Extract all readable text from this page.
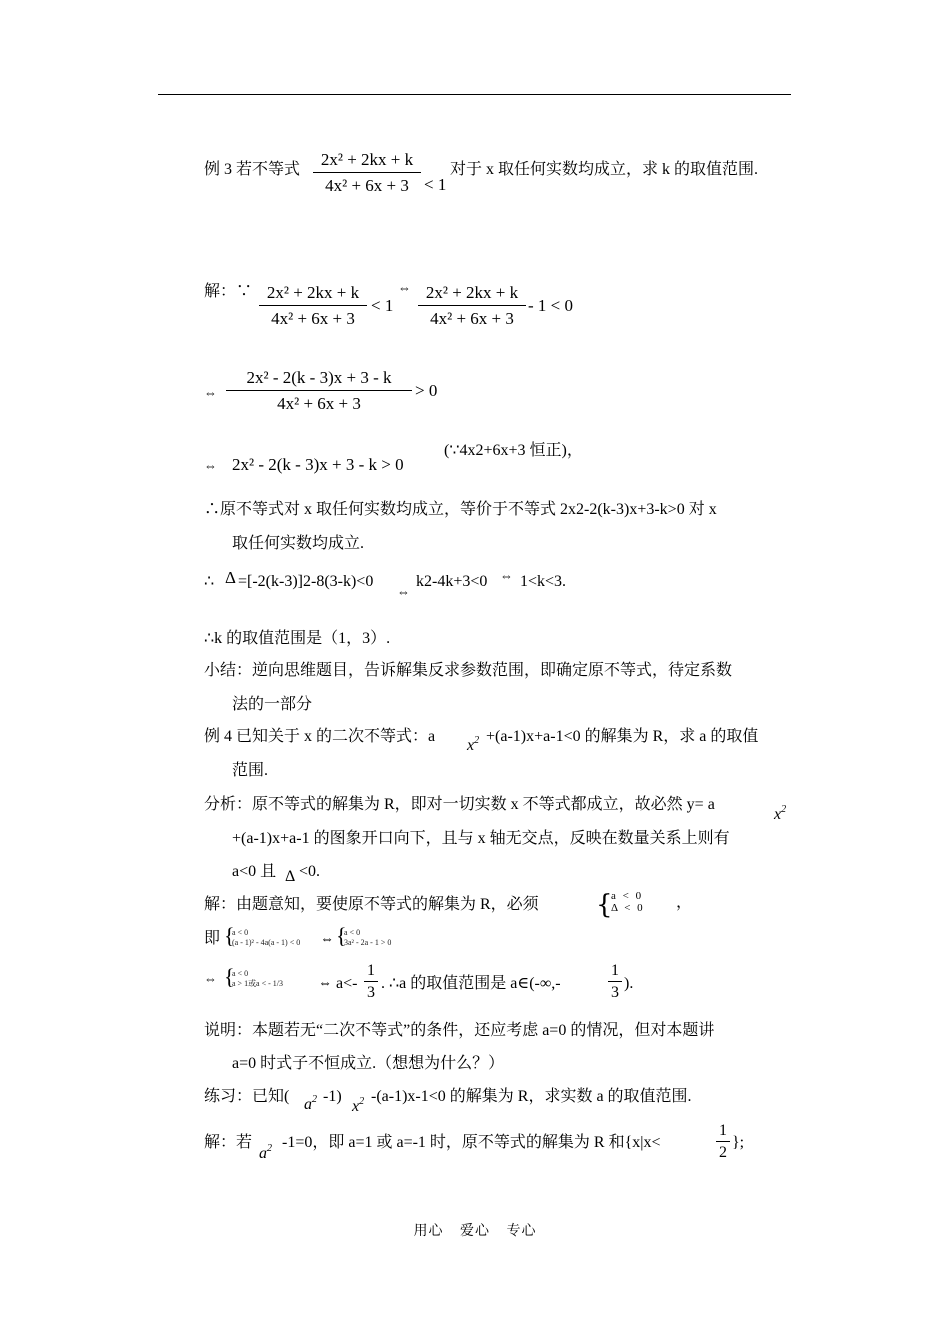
例 3 若不等式 $\frac{\text{2x² + 2kx + k}}{\text{4x² + 6x + 3}} < 1$
对于 x 取任何实数均成立，求 k 的取值范围.
解：∵ $\frac{\text{2x² + 2kx + k}}{\text{4x² + 6x + 3}} < 1$
⇔ $\frac{\text{2x² + 2kx + k}}{\text{4x² + 6x + 3}} - 1 < 0$
⇔ $\frac{\text{2x² - 2(k - 3)x + 3 - k}}{\text{4x² + 6x + 3}} > 0$
⇔ 2x² - 2(k - 3)x + 3 - k > 0
(∵4x2+6x+3 恒正)，
∴原不等式对 x 取任何实数均成立，等价于不等式 2x2-2(k-3)x+3-k>0 对 x
取任何实数均成立.
∴ Δ =[-2(k-3)]2-8(3-k)<0
⇔
k2-4k+3<0 ⇔ 1<k<3.
∴k 的取值范围是（1，3）.
小结：逆向思维题目，告诉解集反求参数范围，即确定原不等式，待定系数
法的一部分
例 4 已知关于 x 的二次不等式：a
$x^2 +(a-1)x+a-1<0$ 的解集为 R，求 a 的取值
范围.
分析：原不等式的解集为 R，即对一切实数 x 不等式都成立，故必然 y= a
$x^2$
+(a-1)x+a-1 的图象开口向下，且与 x 轴无交点，反映在数量关系上则有
a<0 且 Δ <0.
解：由题意知，要使原不等式的解集为 R，必须 {
a < 0
Δ < 0 ，
即 {
a < 0
(a - 1)² - 4a(a - 1) < 0 ⇔ {
a < 0
3a² - 2a - 1 > 0
⇔ {
a < 0
a > 1或a < - 1/3 ⇔ $a<- \frac{1}{3}$ . ∴a 的取值范围是 a∈(-∞,-	$\frac{1}{3}$ ).
说明：本题若无“二次不等式”的条件，还应考虑 a=0 的情况，但对本题讲
a=0 时式子不恒成立.（想想为什么？）
练习：已知( $a^2$ -1)
$x^2$ -(a-1)x-1<0 的解集为 R，求实数 a 的取值范围.
解：若
$a^2$ -1=0，即 a=1 或 a=-1 时，原不等式的解集为 R 和{x|x<	$\frac{1}{2}$ };
用心 爱心 专心
